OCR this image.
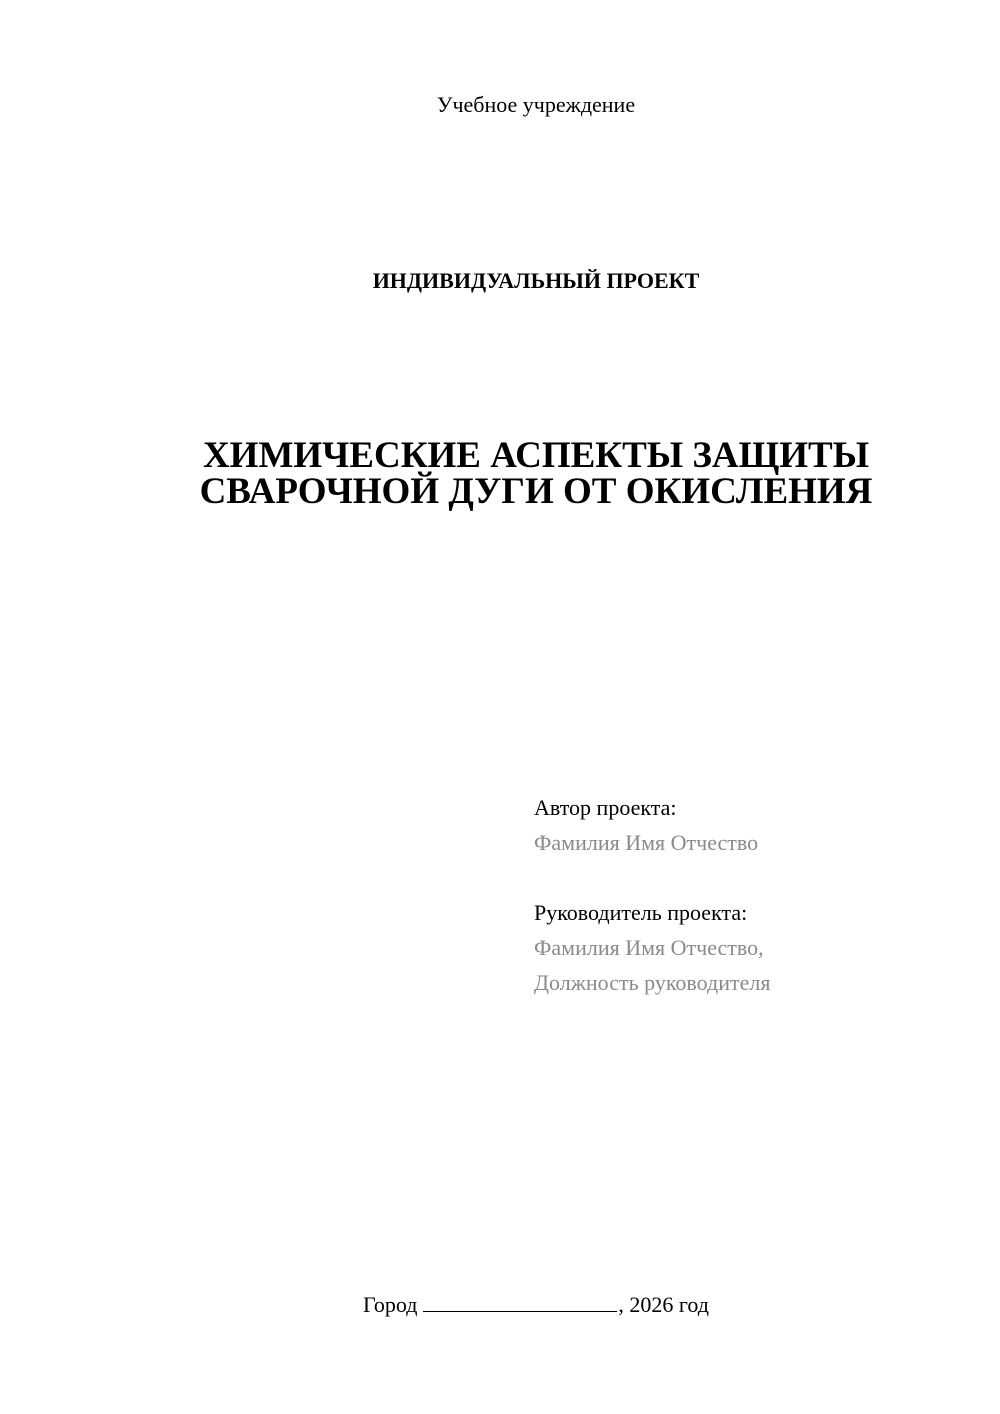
Учебное учреждение
ИНДИВИДУАЛЬНЫЙ ПРОЕКТ
ХИМИЧЕСКИЕ АСПЕКТЫ ЗАЩИТЫ
СВАРОЧНОЙ ДУГИ ОТ ОКИСЛЕНИЯ
Автор проекта:
Фамилия Имя Отчество
Руководитель проекта:
Фамилия Имя Отчество,
Должность руководителя
Город	, 2026 год
